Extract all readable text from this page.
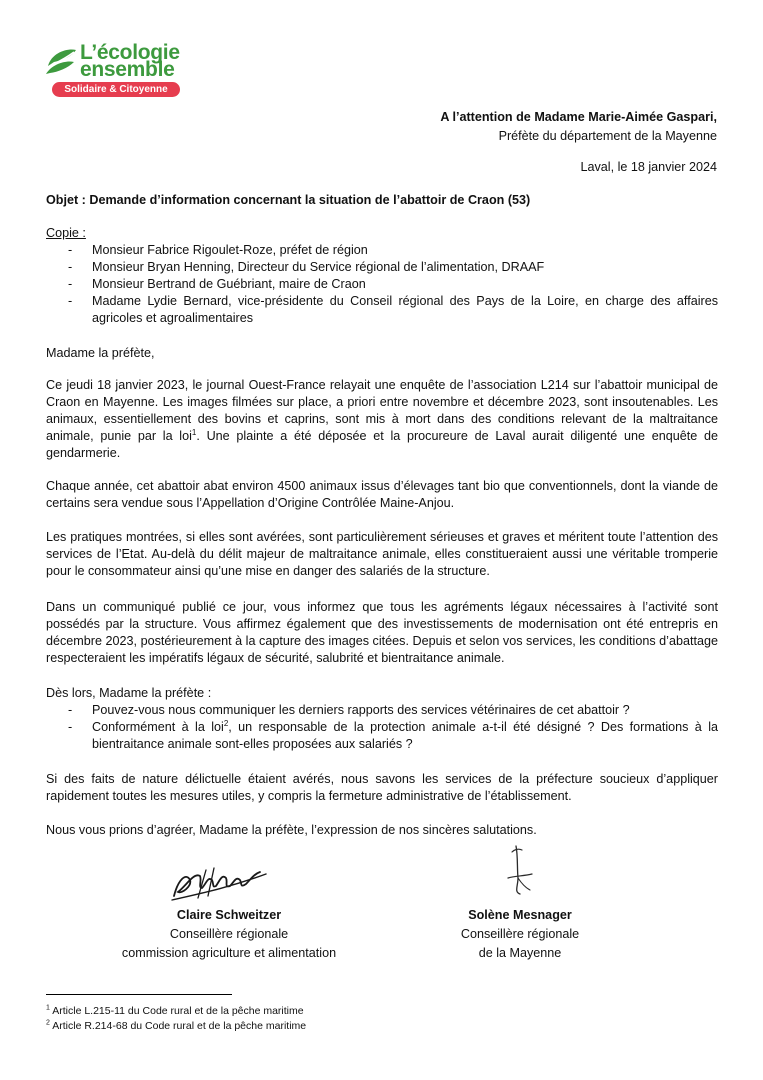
L’écologie
ensemble
Solidaire & Citoyenne
A l’attention de Madame Marie-Aimée Gaspari,
Préfète du département de la Mayenne
Laval, le 18 janvier 2024
Objet : Demande d’information concernant la situation de l’abattoir de Craon (53)
Copie :
- Monsieur Fabrice Rigoulet-Roze, préfet de région
- Monsieur Bryan Henning, Directeur du Service régional de l’alimentation, DRAAF
- Monsieur Bertrand de Guébriant, maire de Craon
- Madame Lydie Bernard, vice-présidente du Conseil régional des Pays de la Loire, en charge des affaires agricoles et agroalimentaires
Madame la préfète,
Ce jeudi 18 janvier 2023, le journal Ouest-France relayait une enquête de l’association L214 sur l’abattoir municipal de Craon en Mayenne. Les images filmées sur place, a priori entre novembre et décembre 2023, sont insoutenables. Les animaux, essentiellement des bovins et caprins, sont mis à mort dans des conditions relevant de la maltraitance animale, punie par la loi$^1$. Une plainte a été déposée et la procureure de Laval aurait diligenté une enquête de gendarmerie.
Chaque année, cet abattoir abat environ 4500 animaux issus d’élevages tant bio que conventionnels, dont la viande de certains sera vendue sous l’Appellation d’Origine Contrôlée Maine-Anjou.
Les pratiques montrées, si elles sont avérées, sont particulièrement sérieuses et graves et méritent toute l’attention des services de l’Etat. Au-delà du délit majeur de maltraitance animale, elles constitueraient aussi une véritable tromperie pour le consommateur ainsi qu’une mise en danger des salariés de la structure.
Dans un communiqué publié ce jour, vous informez que tous les agréments légaux nécessaires à l’activité sont possédés par la structure. Vous affirmez également que des investissements de modernisation ont été entrepris en décembre 2023, postérieurement à la capture des images citées. Depuis et selon vos services, les conditions d’abattage respecteraient les impératifs légaux de sécurité, salubrité et bientraitance animale.
Dès lors, Madame la préfète :
- Pouvez-vous nous communiquer les derniers rapports des services vétérinaires de cet abattoir ?
- Conformément à la loi$^2$, un responsable de la protection animale a-t-il été désigné ? Des formations à la bientraitance animale sont-elles proposées aux salariés ?
Si des faits de nature délictuelle étaient avérés, nous savons les services de la préfecture soucieux d’appliquer rapidement toutes les mesures utiles, y compris la fermeture administrative de l’établissement.
Nous vous prions d’agréer, Madame la préfète, l’expression de nos sincères salutations.
Claire Schweitzer
Conseillère régionale
commission agriculture et alimentation
Solène Mesnager
Conseillère régionale
de la Mayenne
$^1$ Article L.215-11 du Code rural et de la pêche maritime
$^2$ Article R.214-68 du Code rural et de la pêche maritime
